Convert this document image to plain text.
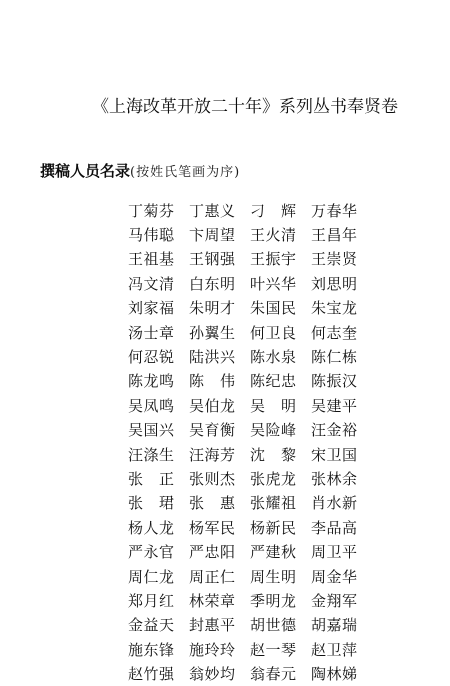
《上海改革开放二十年》系列丛书奉贤卷
撰稿人员名录(按姓氏笔画为序)
丁菊芬 丁惠义 刁　辉 万春华
马伟聪 卞周望 王火清 王昌年
王祖基 王钢强 王振宇 王崇贤
冯文清 白东明 叶兴华 刘思明
刘家福 朱明才 朱国民 朱宝龙
汤士章 孙翼生 何卫良 何志奎
何忍锐 陆洪兴 陈水泉 陈仁栋
陈龙鸣 陈　伟 陈纪忠 陈振汉
吴凤鸣 吴伯龙 吴　明 吴建平
吴国兴 吴育衡 吴险峰 汪金裕
汪涤生 汪海芳 沈　黎 宋卫国
张　正 张则杰 张虎龙 张林余
张　珺 张　惠 张耀祖 肖水新
杨人龙 杨军民 杨新民 李品高
严永官 严忠阳 严建秋 周卫平
周仁龙 周正仁 周生明 周金华
郑月红 林荣章 季明龙 金翔军
金益天 封惠平 胡世德 胡嘉瑞
施东锋 施玲玲 赵一琴 赵卫萍
赵竹强 翁妙均 翁春元 陶林娣
